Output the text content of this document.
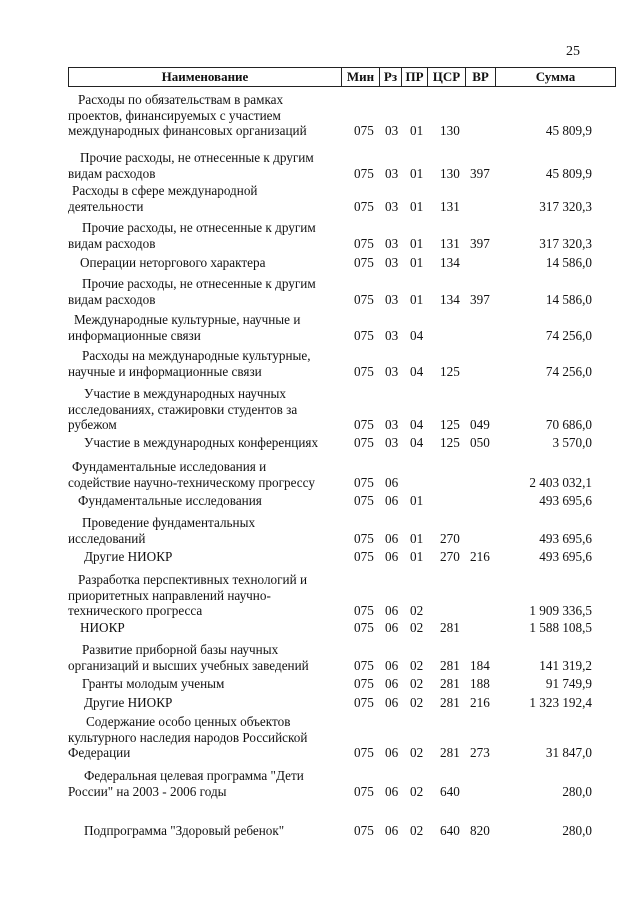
25
Наименование	Мин Рз ПР ЦСР ВР	Сумма
Расходы по обязательствам в рамках
проектов, финансируемых с участием
международных финансовых организаций	075 03 01 130	45 809,9
Прочие расходы, не отнесенные к другим
видам расходов	075 03 01 130 397	45 809,9
Расходы в сфере международной
деятельности	075 03 01 131	317 320,3
Прочие расходы, не отнесенные к другим
видам расходов	075 03 01 131 397	317 320,3
Операции неторгового характера	075 03 01 134	14 586,0
Прочие расходы, не отнесенные к другим
видам расходов	075 03 01 134 397	14 586,0
Международные культурные, научные и
информационные связи	075 03 04	74 256,0
Расходы на международные культурные,
научные и информационные связи	075 03 04 125	74 256,0
Участие в международных научных
исследованиях, стажировки студентов за
рубежом	075 03 04 125 049	70 686,0
Участие в международных конференциях	075 03 04 125 050	3 570,0
Фундаментальные исследования и
содействие научно-техническому прогрессу	075 06	2 403 032,1
Фундаментальные исследования	075 06 01	493 695,6
Проведение фундаментальных
исследований	075 06 01 270	493 695,6
Другие НИОКР	075 06 01 270 216	493 695,6
Разработка перспективных технологий и
приоритетных направлений научно-
технического прогресса	075 06 02	1 909 336,5
НИОКР	075 06 02 281	1 588 108,5
Развитие приборной базы научных
организаций и высших учебных заведений	075 06 02 281 184	141 319,2
Гранты молодым ученым	075 06 02 281 188	91 749,9
Другие НИОКР	075 06 02 281 216	1 323 192,4
Содержание особо ценных объектов
культурного наследия народов Российской
Федерации	075 06 02 281 273	31 847,0
Федеральная целевая программа "Дети
России" на 2003 - 2006 годы	075 06 02 640	280,0
Подпрограмма "Здоровый ребенок"	075 06 02 640 820	280,0
